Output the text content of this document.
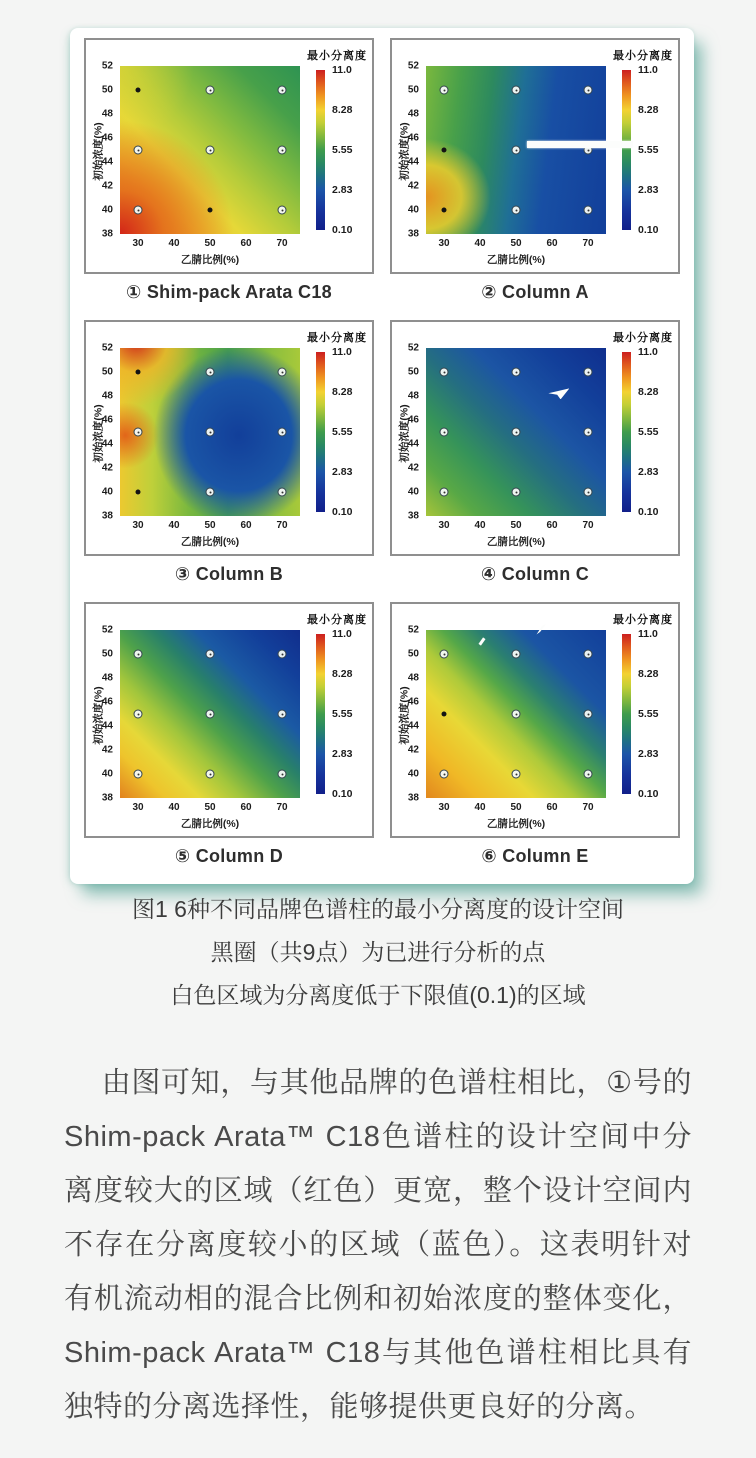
最小分离度
初始浓度(%)
52
50
48
46
44
42
40
38
30 40 50 60 70
乙腈比例(%)
11.0
8.28
5.55
2.83
0.10
① Shim-pack Arata C18
最小分离度
初始浓度(%)
52
50
48
46
44
42
40
38
30 40 50 60 70
乙腈比例(%)
11.0
8.28
5.55
2.83
0.10
② Column A
最小分离度
初始浓度(%)
52
50
48
46
44
42
40
38
30 40 50 60 70
乙腈比例(%)
11.0
8.28
5.55
2.83
0.10
③ Column B
最小分离度
初始浓度(%)
52
50
48
46
44
42
40
38
30 40 50 60 70
乙腈比例(%)
11.0
8.28
5.55
2.83
0.10
④ Column C
最小分离度
初始浓度(%)
52
50
48
46
44
42
40
38
30 40 50 60 70
乙腈比例(%)
11.0
8.28
5.55
2.83
0.10
⑤ Column D
最小分离度
初始浓度(%)
52
50
48
46
44
42
40
38
30 40 50 60 70
乙腈比例(%)
11.0
8.28
5.55
2.83
0.10
⑥ Column E
图1 6种不同品牌色谱柱的最小分离度的设计空间
黑圈（共9点）为已进行分析的点
白色区域为分离度低于下限值(0.1)的区域

由图可知，与其他品牌的色谱柱相比，①号的Shim-pack Arata™ C18色谱柱的设计空间中分离度较大的区域（红色）更宽，整个设计空间内不存在分离度较小的区域（蓝色）。这表明针对有机流动相的混合比例和初始浓度的整体变化，Shim-pack Arata™ C18与其他色谱柱相比具有独特的分离选择性，能够提供更良好的分离。
